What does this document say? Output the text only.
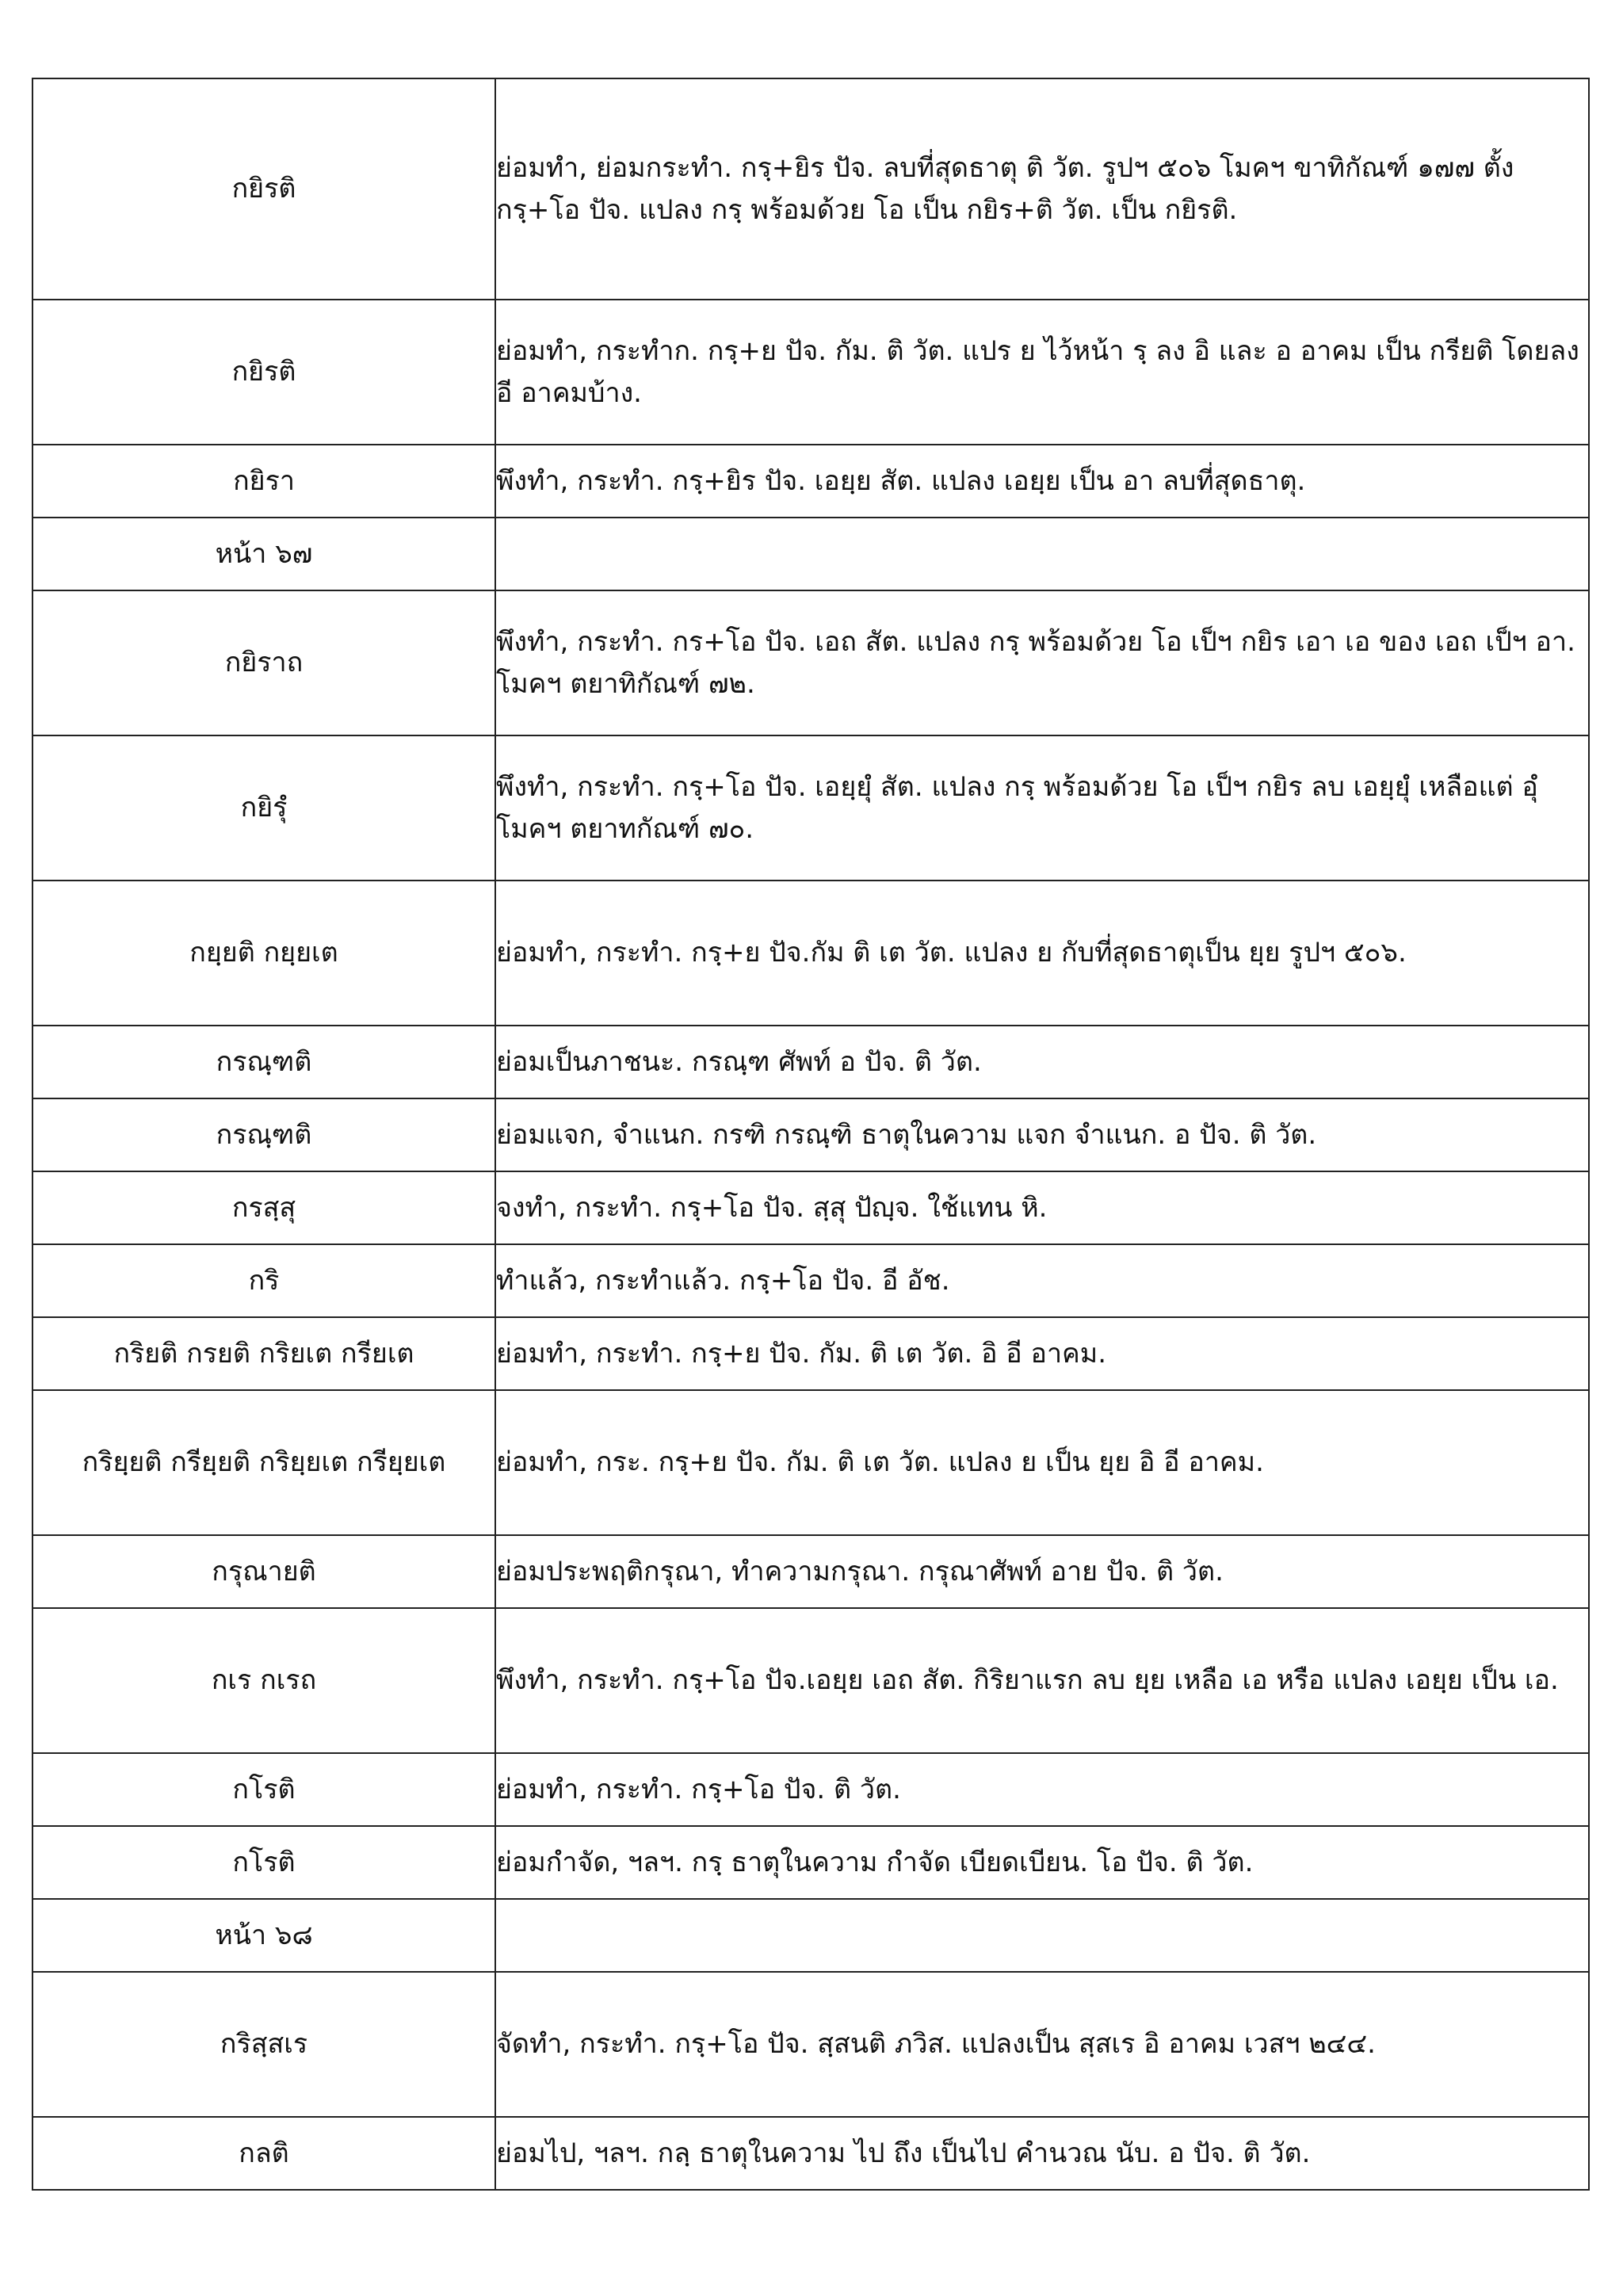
กยิรติ	ย่อมทำ, ย่อมกระทำ. กรฺ+ยิร ปัจ. ลบที่สุดธาตุ ติ วัต. รูปฯ ๕๐๖ โมคฯ ขาทิกัณฑ์ ๑๗๗ ตั้ง กรฺ+โอ ปัจ. แปลง กรฺ พร้อมด้วย โอ เป็น กยิร+ติ วัต. เป็น กยิรติ.
กยิรติ	ย่อมทำ, กระทำก. กรฺ+ย ปัจ. กัม. ติ วัต. แปร ย ไว้หน้า รฺ ลง อิ และ อ อาคม เป็น กรียติ โดยลง อี อาคมบ้าง.
กยิรา	พึงทำ, กระทำ. กรฺ+ยิร ปัจ. เอยฺย สัต. แปลง เอยฺย เป็น อา ลบที่สุดธาตุ.
หน้า ๖๗	
กยิราถ	พึงทำ, กระทำ. กร+โอ ปัจ. เอถ สัต. แปลง กรฺ พร้อมด้วย โอ เป็ฯ กยิร เอา เอ ของ เอถ เป็ฯ อา. โมคฯ ตยาทิกัณฑ์ ๗๒.
กยิรุํ	พึงทำ, กระทำ. กรฺ+โอ ปัจ. เอยฺยุํ สัต. แปลง กรฺ พร้อมด้วย โอ เป็ฯ กยิร ลบ เอยฺยุํ เหลือแต่ อุํ โมคฯ ตยาทกัณฑ์ ๗๐.
กยฺยติ กยฺยเต	ย่อมทำ, กระทำ. กรฺ+ย ปัจ.กัม ติ เต วัต. แปลง ย กับที่สุดธาตุเป็น ยฺย รูปฯ ๕๐๖.
กรณฺฑติ	ย่อมเป็นภาชนะ. กรณฺฑ ศัพท์ อ ปัจ. ติ วัต.
กรณฺฑติ	ย่อมแจก, จำแนก. กรฑิ กรณฺฑิ ธาตุในความ แจก จำแนก. อ ปัจ. ติ วัต.
กรสฺสุ	จงทำ, กระทำ. กรฺ+โอ ปัจ. สฺสุ ปัญฺจ. ใช้แทน หิ.
กริ	ทำแล้ว, กระทำแล้ว. กรฺ+โอ ปัจ. อี อัช.
กริยติ กรยติ กริยเต กรียเต	ย่อมทำ, กระทำ. กรฺ+ย ปัจ. กัม. ติ เต วัต. อิ อี อาคม.
กริยฺยติ กรียฺยติ กริยฺยเต กรียฺยเต	ย่อมทำ, กระ. กรฺ+ย ปัจ. กัม. ติ เต วัต. แปลง ย เป็น ยฺย อิ อี อาคม.
กรุณายติ	ย่อมประพฤติกรุณา, ทำความกรุณา. กรุณาศัพท์ อาย ปัจ. ติ วัต.
กเร กเรถ	พึงทำ, กระทำ. กรฺ+โอ ปัจ.เอยฺย เอถ สัต. กิริยาแรก ลบ ยฺย เหลือ เอ หรือ แปลง เอยฺย เป็น เอ.
กโรติ	ย่อมทำ, กระทำ. กรฺ+โอ ปัจ. ติ วัต.
กโรติ	ย่อมกำจัด, ฯลฯ. กรฺ ธาตุในความ กำจัด เบียดเบียน. โอ ปัจ. ติ วัต.
หน้า ๖๘	
กริสฺสเร	จัดทำ, กระทำ. กรฺ+โอ ปัจ. สฺสนติ ภวิส. แปลงเป็น สฺสเร อิ อาคม เวสฯ ๒๔๔.
กลติ	ย่อมไป, ฯลฯ. กลฺ ธาตุในความ ไป ถึง เป็นไป คำนวณ นับ. อ ปัจ. ติ วัต.
